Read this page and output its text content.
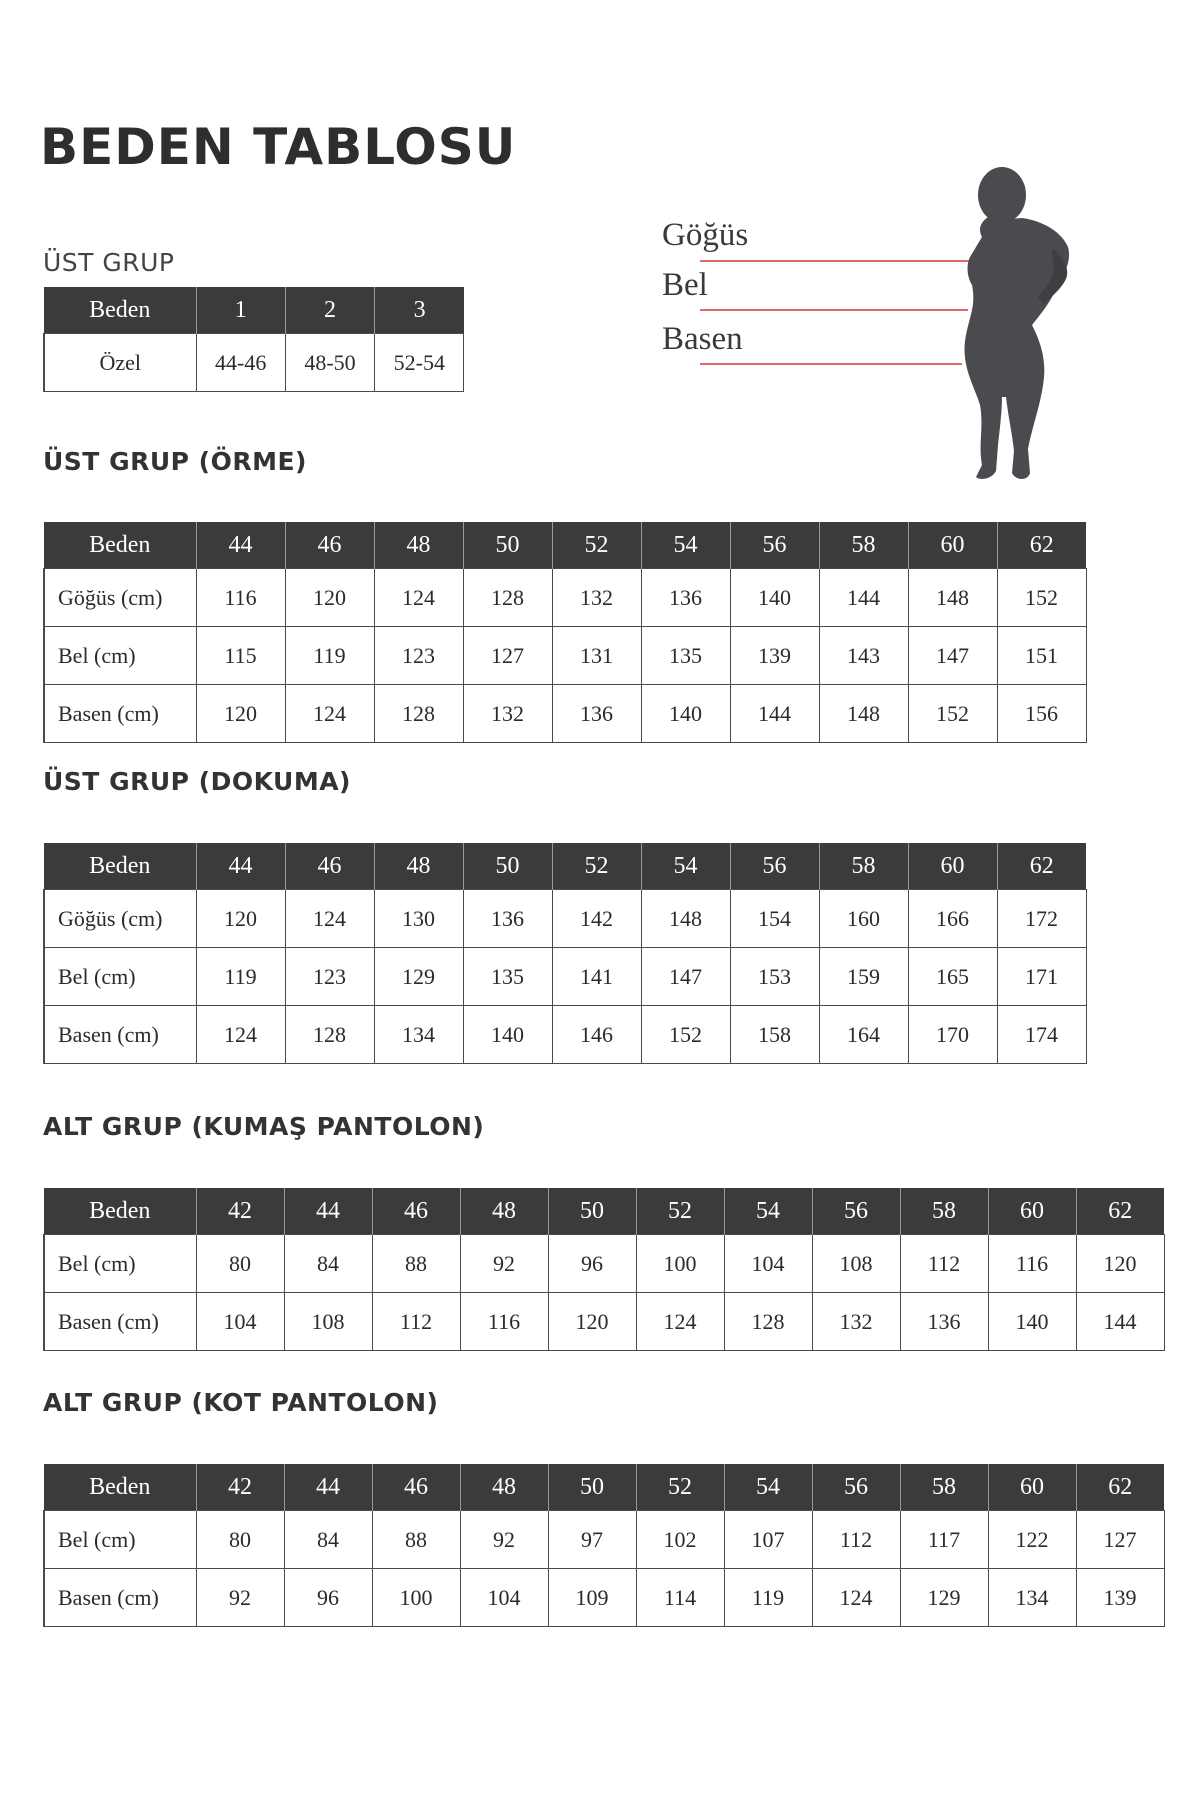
BEDEN TABLOSU
ÜST GRUP
Beden	1	2	3
Özel	44-46	48-50	52-54
Göğüs
Bel
Basen
ÜST GRUP (ÖRME)
Beden	44	46	48	50	52	54	56	58	60	62
Göğüs (cm)	116	120	124	128	132	136	140	144	148	152
Bel (cm)	115	119	123	127	131	135	139	143	147	151
Basen (cm)	120	124	128	132	136	140	144	148	152	156
ÜST GRUP (DOKUMA)
Beden	44	46	48	50	52	54	56	58	60	62
Göğüs (cm)	120	124	130	136	142	148	154	160	166	172
Bel (cm)	119	123	129	135	141	147	153	159	165	171
Basen (cm)	124	128	134	140	146	152	158	164	170	174
ALT GRUP (KUMAŞ PANTOLON)
Beden	42	44	46	48	50	52	54	56	58	60	62
Bel (cm)	80	84	88	92	96	100	104	108	112	116	120
Basen (cm)	104	108	112	116	120	124	128	132	136	140	144
ALT GRUP (KOT PANTOLON)
Beden	42	44	46	48	50	52	54	56	58	60	62
Bel (cm)	80	84	88	92	97	102	107	112	117	122	127
Basen (cm)	92	96	100	104	109	114	119	124	129	134	139
